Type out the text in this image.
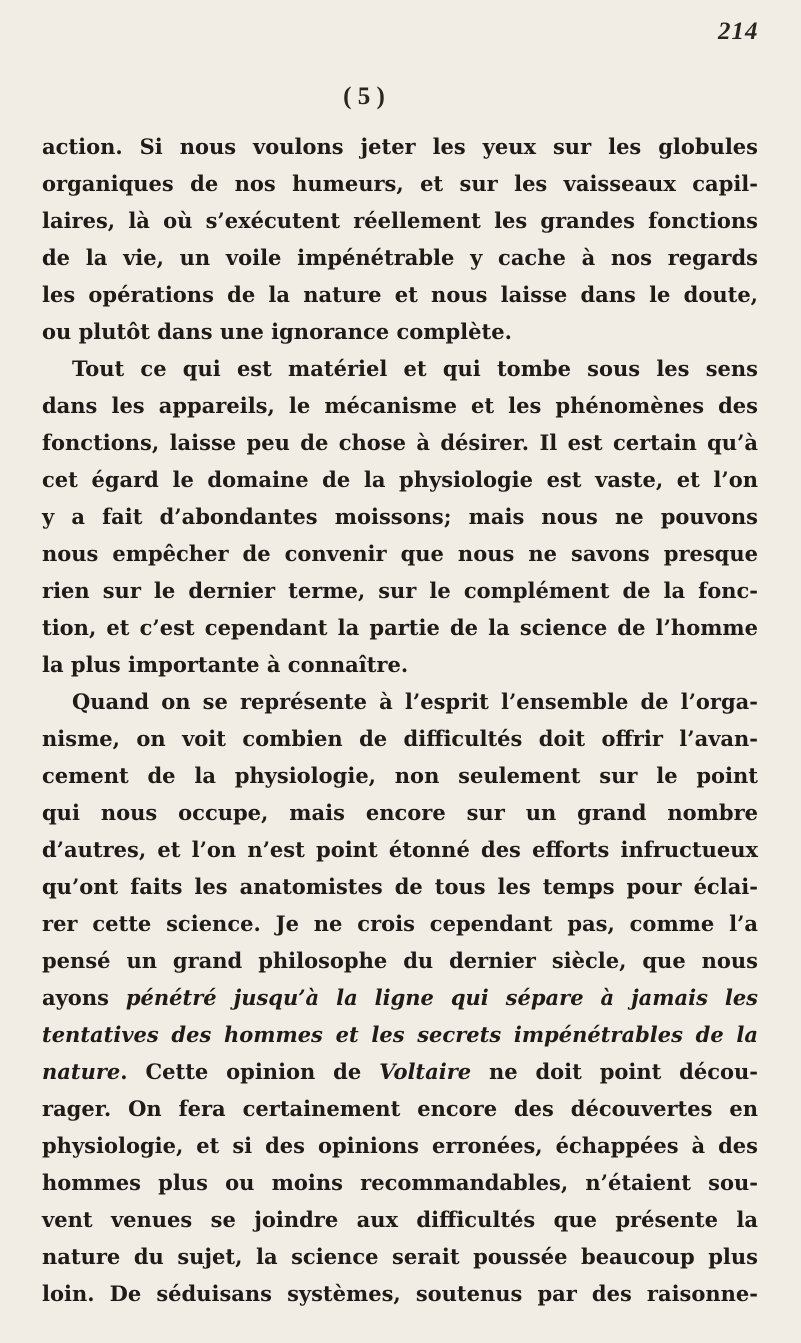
214
( 5 )
action. Si nous voulons jeter les yeux sur les globules
organiques de nos humeurs, et sur les vaisseaux capil-
laires, là où s’exécutent réellement les grandes fonctions
de la vie, un voile impénétrable y cache à nos regards
les opérations de la nature et nous laisse dans le doute,
ou plutôt dans une ignorance complète.
Tout ce qui est matériel et qui tombe sous les sens
dans les appareils, le mécanisme et les phénomènes des
fonctions, laisse peu de chose à désirer. Il est certain qu’à
cet égard le domaine de la physiologie est vaste, et l’on
y a fait d’abondantes moissons; mais nous ne pouvons
nous empêcher de convenir que nous ne savons presque
rien sur le dernier terme, sur le complément de la fonc-
tion, et c’est cependant la partie de la science de l’homme
la plus importante à connaître.
Quand on se représente à l’esprit l’ensemble de l’orga-
nisme, on voit combien de difficultés doit offrir l’avan-
cement de la physiologie, non seulement sur le point
qui nous occupe, mais encore sur un grand nombre
d’autres, et l’on n’est point étonné des efforts infructueux
qu’ont faits les anatomistes de tous les temps pour éclai-
rer cette science. Je ne crois cependant pas, comme l’a
pensé un grand philosophe du dernier siècle, que nous
ayons pénétré jusqu’à la ligne qui sépare à jamais les
tentatives des hommes et les secrets impénétrables de la
nature. Cette opinion de Voltaire ne doit point décou-
rager. On fera certainement encore des découvertes en
physiologie, et si des opinions erronées, échappées à des
hommes plus ou moins recommandables, n’étaient sou-
vent venues se joindre aux difficultés que présente la
nature du sujet, la science serait poussée beaucoup plus
loin. De séduisans systèmes, soutenus par des raisonne-
